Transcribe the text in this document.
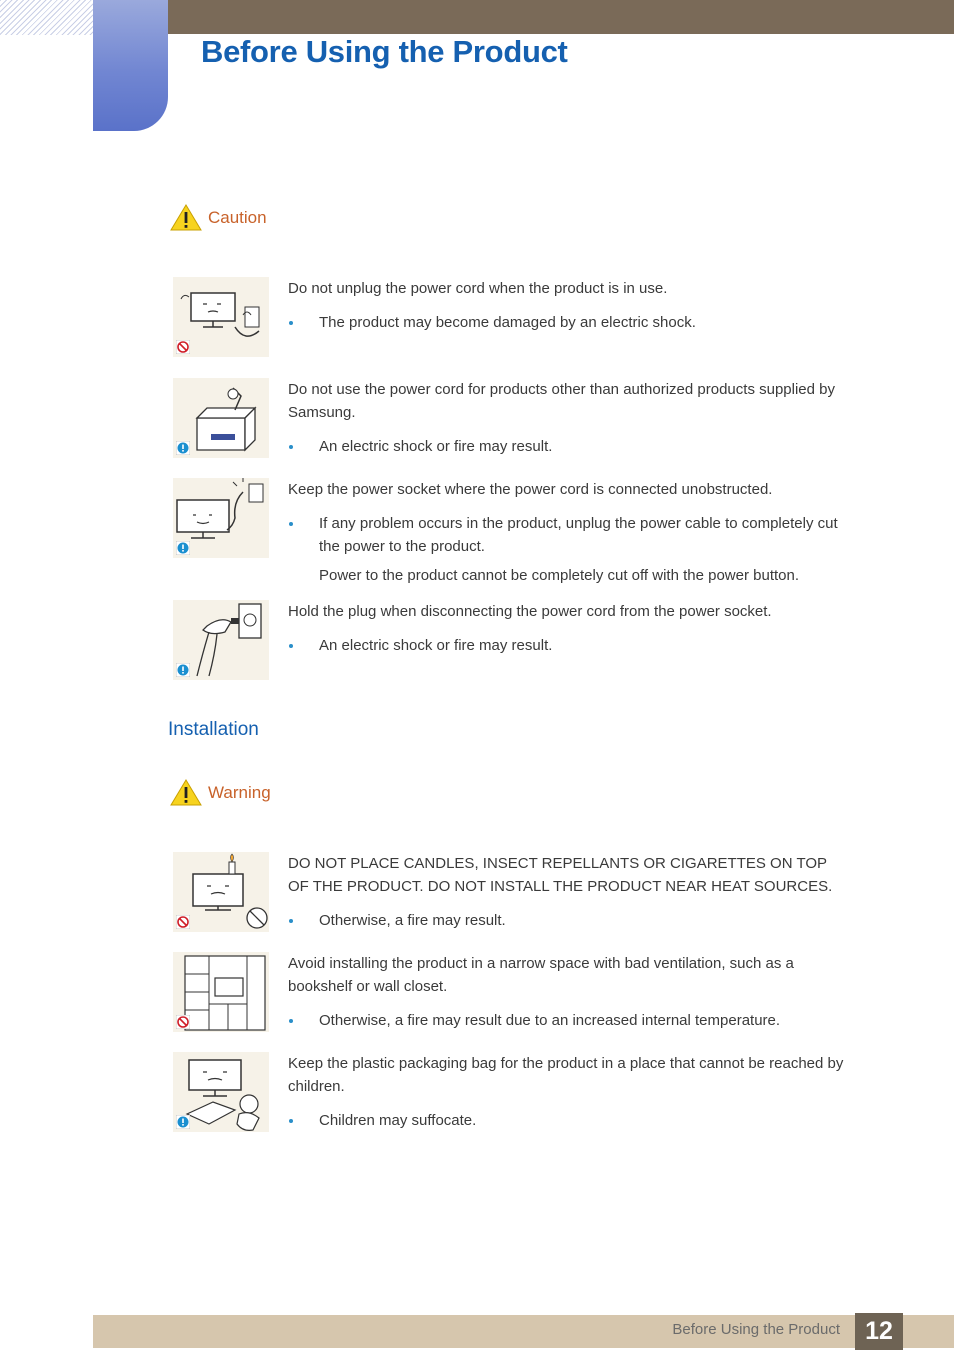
Before Using the Product
Caution

Do not unplug the power cord when the product is in use.

The product may become damaged by an electric shock.

Do not use the power cord for products other than authorized products supplied by Samsung.

An electric shock or fire may result.

Keep the power socket where the power cord is connected unobstructed.

If any problem occurs in the product, unplug the power cable to completely cut the power to the product.

Power to the product cannot be completely cut off with the power button.

Hold the plug when disconnecting the power cord from the power socket.

An electric shock or fire may result.

Installation
Warning

DO NOT PLACE CANDLES, INSECT REPELLANTS OR CIGARETTES ON TOP OF THE PRODUCT. DO NOT INSTALL THE PRODUCT NEAR HEAT SOURCES.

Otherwise, a fire may result.

Avoid installing the product in a narrow space with bad ventilation, such as a bookshelf or wall closet.

Otherwise, a fire may result due to an increased internal temperature.

Keep the plastic packaging bag for the product in a place that cannot be reached by children.

Children may suffocate.

Before Using the Product	12
